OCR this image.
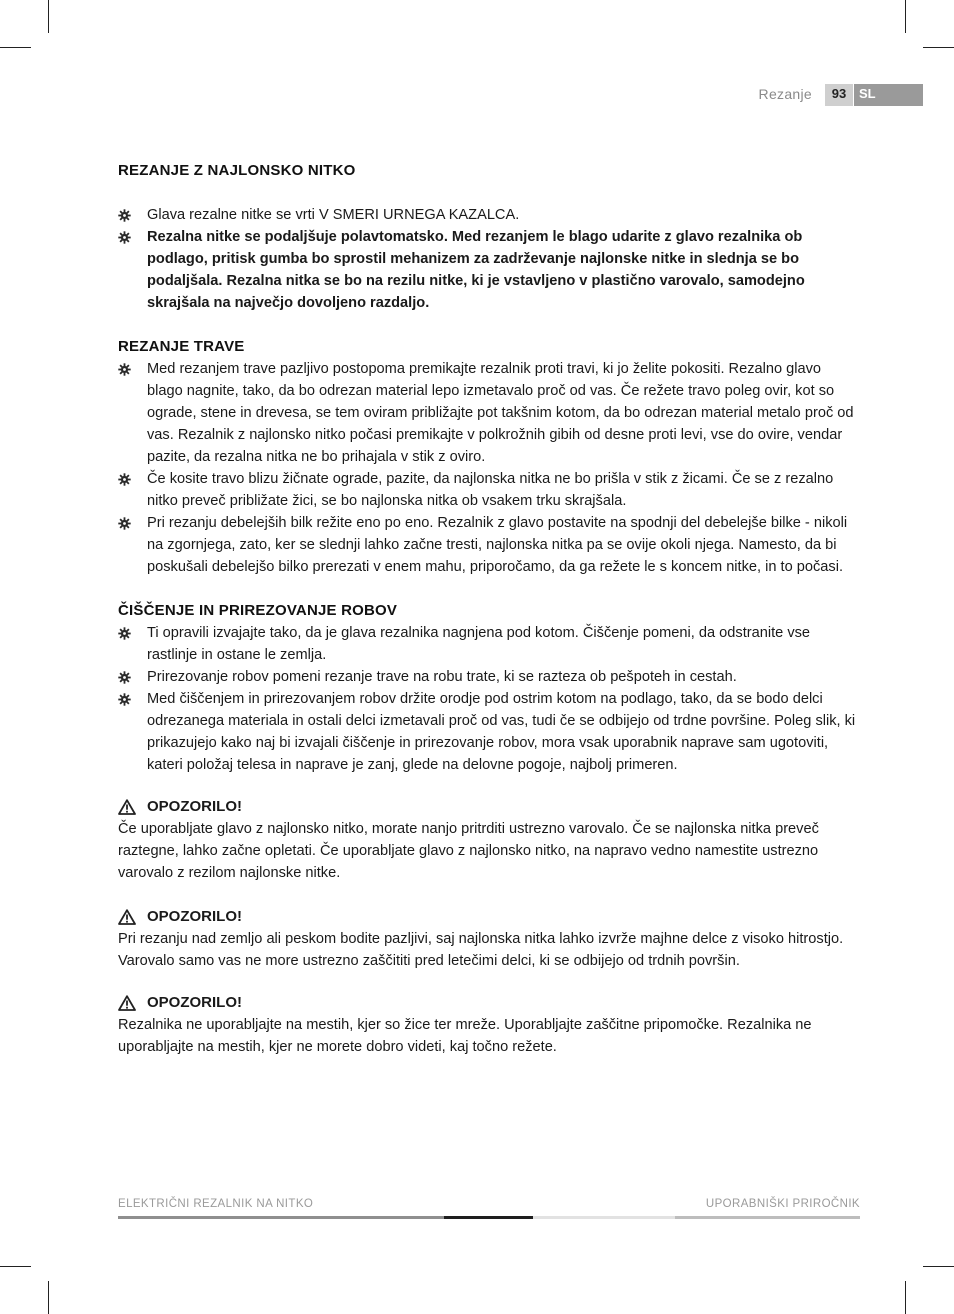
Rezanje	93 SL
REZANJE Z NAJLONSKO NITKO
Glava rezalne nitke se vrti V SMERI URNEGA KAZALCA.
Rezalna nitke se podaljšuje polavtomatsko. Med rezanjem le blago udarite z glavo rezalnika ob podlago, pritisk gumba bo sprostil mehanizem za zadrževanje najlonske nitke in slednja se bo podaljšala. Rezalna nitka se bo na rezilu nitke, ki je vstavljeno v plastično varovalo, samodejno skrajšala na največjo dovoljeno razdaljo.
REZANJE TRAVE
Med rezanjem trave pazljivo postopoma premikajte rezalnik proti travi, ki jo želite pokositi. Rezalno glavo blago nagnite, tako, da bo odrezan material lepo izmetavalo proč od vas. Če režete travo poleg ovir, kot so ograde, stene in drevesa, se tem oviram približajte pot takšnim kotom, da bo odrezan material metalo proč od vas. Rezalnik z najlonsko nitko počasi premikajte v polkrožnih gibih od desne proti levi, vse do ovire, vendar pazite, da rezalna nitka ne bo prihajala v stik z oviro.
Če kosite travo blizu žičnate ograde, pazite, da najlonska nitka ne bo prišla v stik z žicami. Če se z rezalno nitko preveč približate žici, se bo najlonska nitka ob vsakem trku skrajšala.
Pri rezanju debelejših bilk režite eno po eno. Rezalnik z glavo postavite na spodnji del debelejše bilke - nikoli na zgornjega, zato, ker se slednji lahko začne tresti, najlonska nitka pa se ovije okoli njega. Namesto, da bi poskušali debelejšo bilko prerezati v enem mahu, priporočamo, da ga režete le s koncem nitke, in to počasi.
ČIŠČENJE IN PRIREZOVANJE ROBOV
Ti opravili izvajajte tako, da je glava rezalnika nagnjena pod kotom. Čiščenje pomeni, da odstranite vse rastlinje in ostane le zemlja.
Prirezovanje robov pomeni rezanje trave na robu trate, ki se razteza ob pešpoteh in cestah.
Med čiščenjem in prirezovanjem robov držite orodje pod ostrim kotom na podlago, tako, da se bodo delci odrezanega materiala in ostali delci izmetavali proč od vas, tudi če se odbijejo od trdne površine. Poleg slik, ki prikazujejo kako naj bi izvajali čiščenje in prirezovanje robov, mora vsak uporabnik naprave sam ugotoviti, kateri položaj telesa in naprave je zanj, glede na delovne pogoje, najbolj primeren.
OPOZORILO!

Če uporabljate glavo z najlonsko nitko, morate nanjo pritrditi ustrezno varovalo. Če se najlonska nitka preveč raztegne, lahko začne opletati. Če uporabljate glavo z najlonsko nitko, na napravo vedno namestite ustrezno varovalo z rezilom najlonske nitke.

OPOZORILO!

Pri rezanju nad zemljo ali peskom bodite pazljivi, saj najlonska nitka lahko izvrže majhne delce z visoko hitrostjo. Varovalo samo vas ne more ustrezno zaščititi pred letečimi delci, ki se odbijejo od trdnih površin.

OPOZORILO!

Rezalnika ne uporabljajte na mestih, kjer so žice ter mreže. Uporabljajte zaščitne pripomočke. Rezalnika ne uporabljajte na mestih, kjer ne morete dobro videti, kaj točno režete.

ELEKTRIČNI REZALNIK NA NITKO	UPORABNIŠKI PRIROČNIK
